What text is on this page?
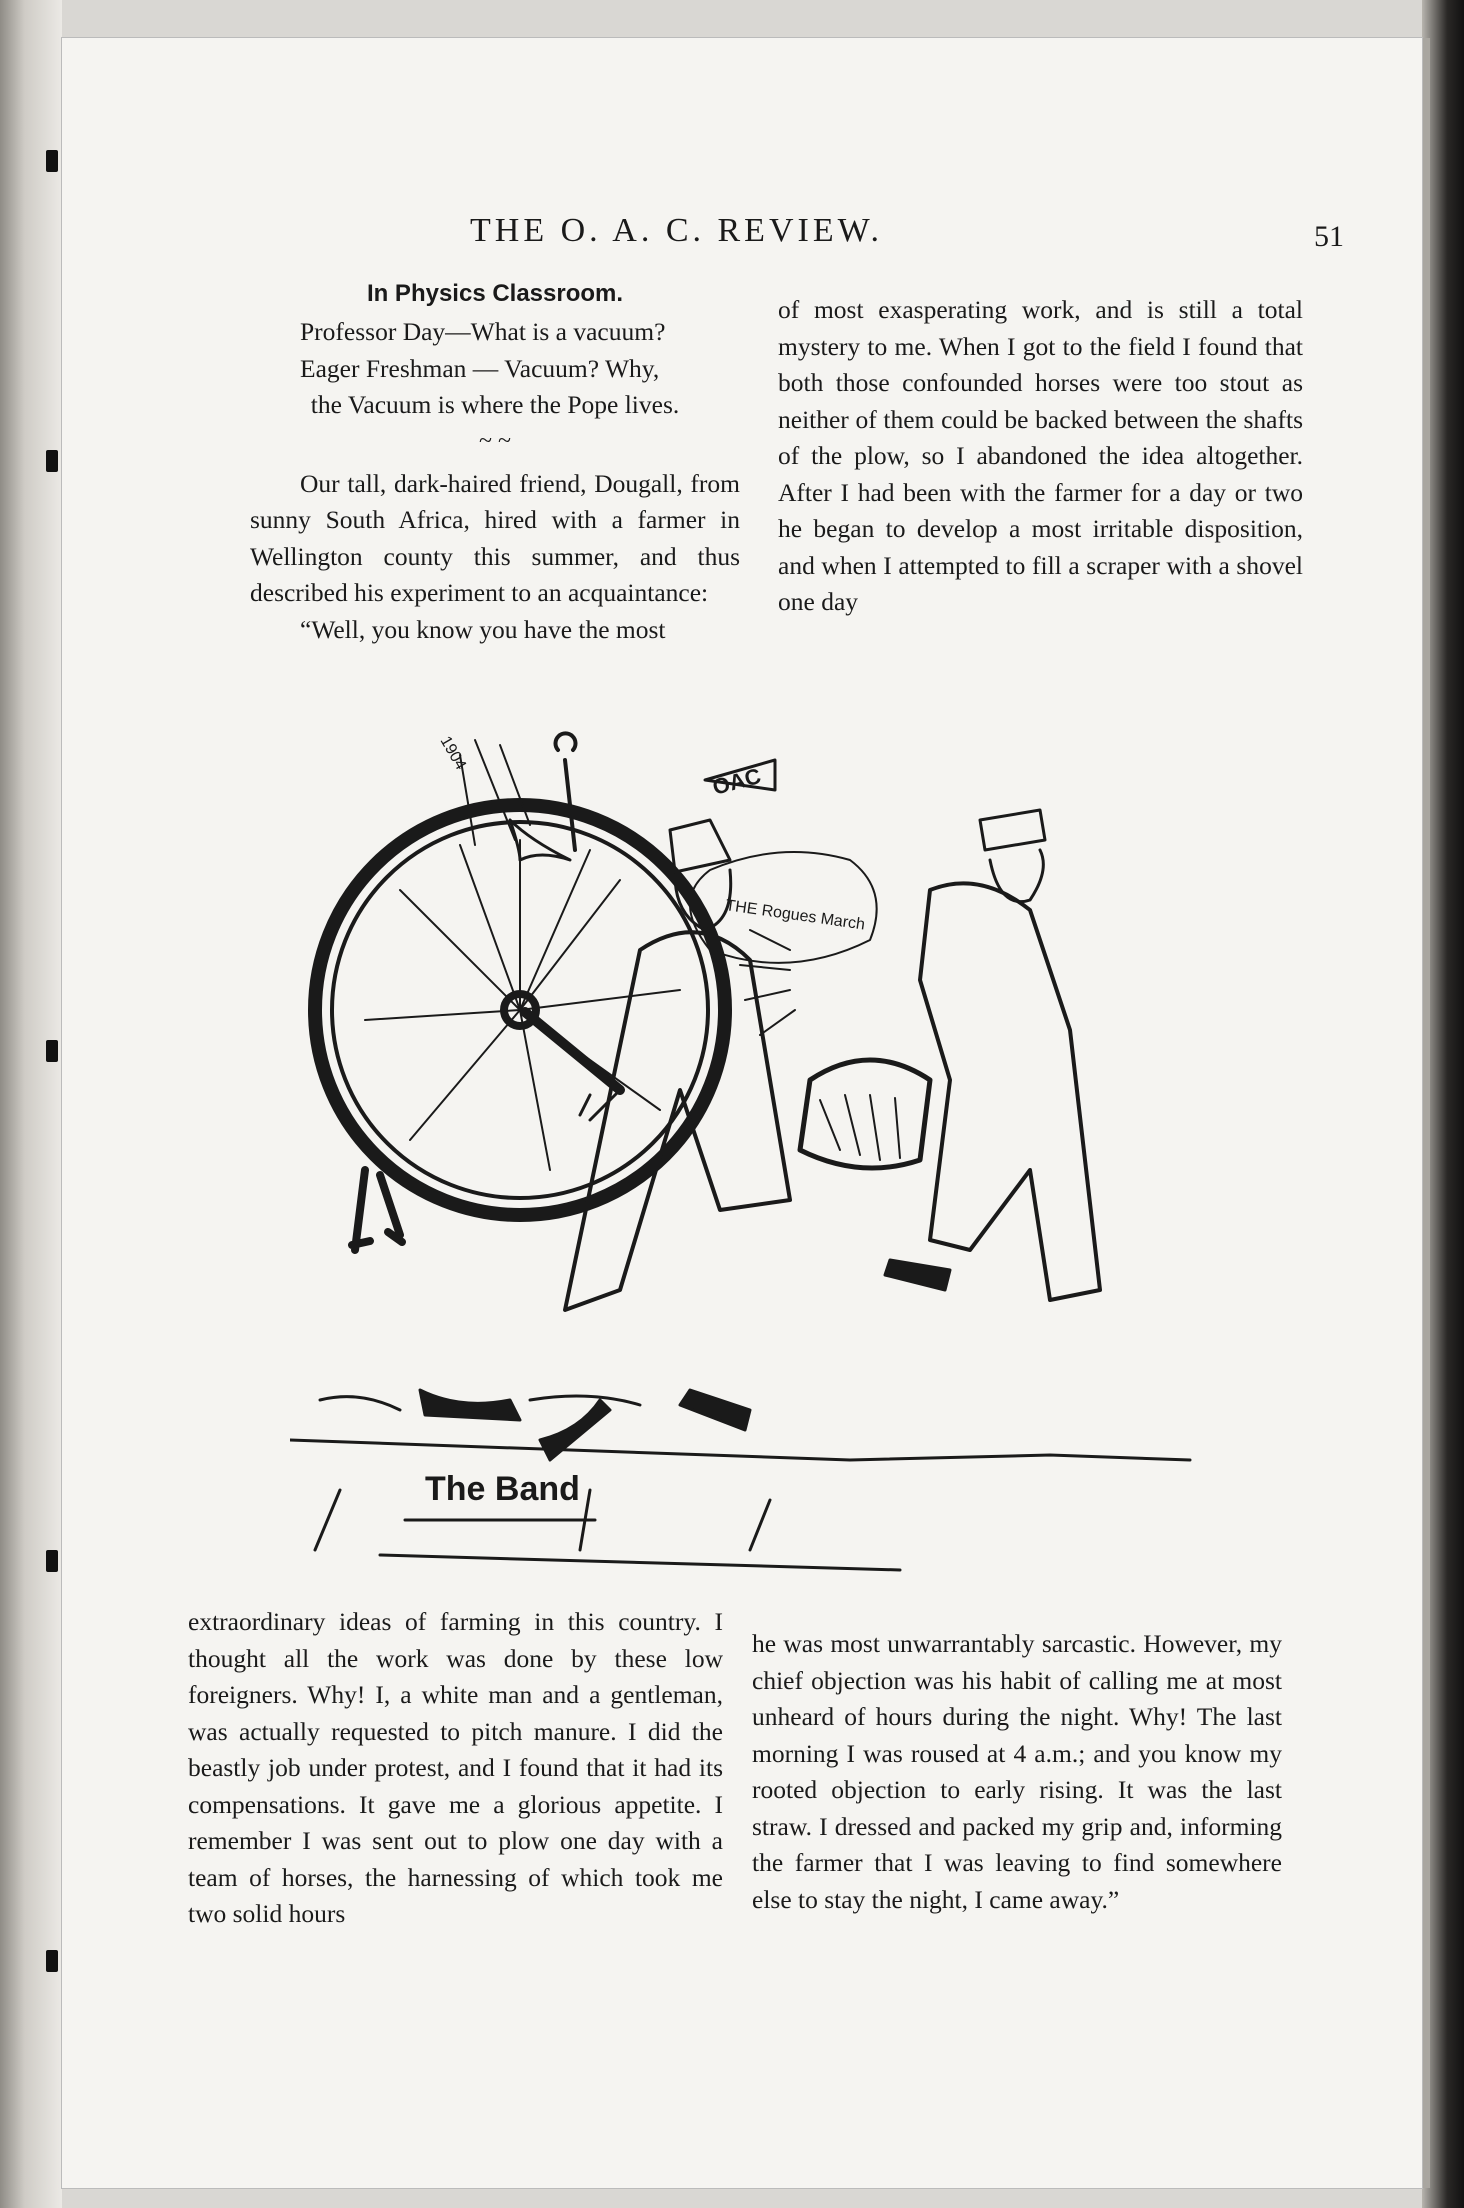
THE O. A. C. REVIEW.	51
In Physics Classroom.

Professor Day—What is a vacuum?

Eager Freshman — Vacuum? Why,

the Vacuum is where the Pope lives.

~ ~

Our tall, dark-haired friend, Dougall, from sunny South Africa, hired with a farmer in Wellington county this summer, and thus described his experiment to an acquaintance:

“Well, you know you have the most

of most exasperating work, and is still a total mystery to me. When I got to the field I found that both those confounded horses were too stout as neither of them could be backed between the shafts of the plow, so I abandoned the idea altogether. After I had been with the farmer for a day or two he began to develop a most irritable disposition, and when I attempted to fill a scraper with a shovel one day

The Band
OAC
THE Rogues March
1904

extraordinary ideas of farming in this country. I thought all the work was done by these low foreigners. Why! I, a white man and a gentleman, was actually requested to pitch manure. I did the beastly job under protest, and I found that it had its compensations. It gave me a glorious appetite. I remember I was sent out to plow one day with a team of horses, the harnessing of which took me two solid hours

he was most unwarrantably sarcastic. However, my chief objection was his habit of calling me at most unheard of hours during the night. Why! The last morning I was roused at 4 a.m.; and you know my rooted objection to early rising. It was the last straw. I dressed and packed my grip and, informing the farmer that I was leaving to find somewhere else to stay the night, I came away.”
